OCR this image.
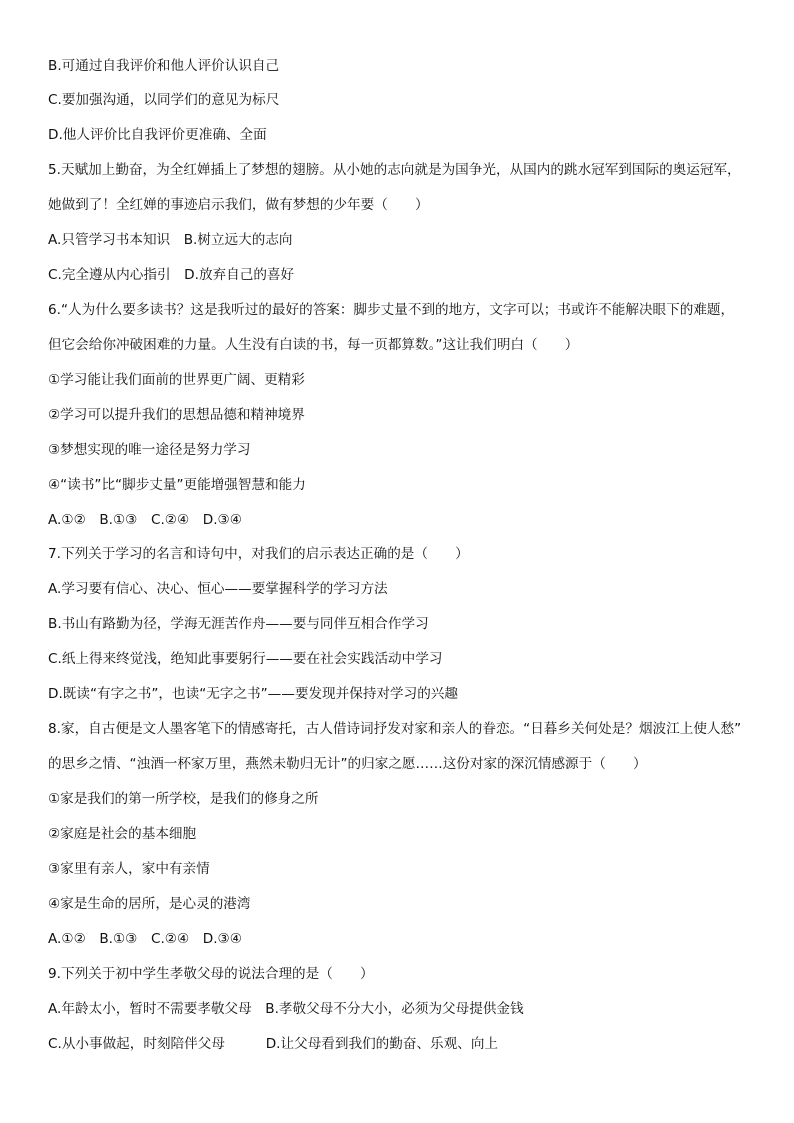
B.可通过自我评价和他人评价认识自己
C.要加强沟通，以同学们的意见为标尺
D.他人评价比自我评价更准确、全面
5.天赋加上勤奋，为全红婵插上了梦想的翅膀。从小她的志向就是为国争光，从国内的跳水冠军到国际的奥运冠军，
她做到了！全红婵的事迹启示我们，做有梦想的少年要（　　）
A.只管学习书本知识　B.树立远大的志向
C.完全遵从内心指引　D.放弃自己的喜好
6.“人为什么要多读书？这是我听过的最好的答案：脚步丈量不到的地方，文字可以；书或许不能解决眼下的难题，
但它会给你冲破困难的力量。人生没有白读的书，每一页都算数。”这让我们明白（　　）
①学习能让我们面前的世界更广阔、更精彩
②学习可以提升我们的思想品德和精神境界
③梦想实现的唯一途径是努力学习
④“读书”比“脚步丈量”更能增强智慧和能力
A.①②　B.①③　C.②④　D.③④
7.下列关于学习的名言和诗句中，对我们的启示表达正确的是（　　）
A.学习要有信心、决心、恒心——要掌握科学的学习方法
B.书山有路勤为径，学海无涯苦作舟——要与同伴互相合作学习
C.纸上得来终觉浅，绝知此事要躬行——要在社会实践活动中学习
D.既读“有字之书”，也读“无字之书”——要发现并保持对学习的兴趣
8.家，自古便是文人墨客笔下的情感寄托，古人借诗词抒发对家和亲人的眷恋。“日暮乡关何处是？烟波江上使人愁”
的思乡之情、“浊酒一杯家万里，燕然未勒归无计”的归家之愿……这份对家的深沉情感源于（　　）
①家是我们的第一所学校，是我们的修身之所
②家庭是社会的基本细胞
③家里有亲人，家中有亲情
④家是生命的居所，是心灵的港湾
A.①②　B.①③　C.②④　D.③④
9.下列关于初中学生孝敬父母的说法合理的是（　　）
A.年龄太小，暂时不需要孝敬父母　B.孝敬父母不分大小，必须为父母提供金钱
C.从小事做起，时刻陪伴父母　　　D.让父母看到我们的勤奋、乐观、向上
